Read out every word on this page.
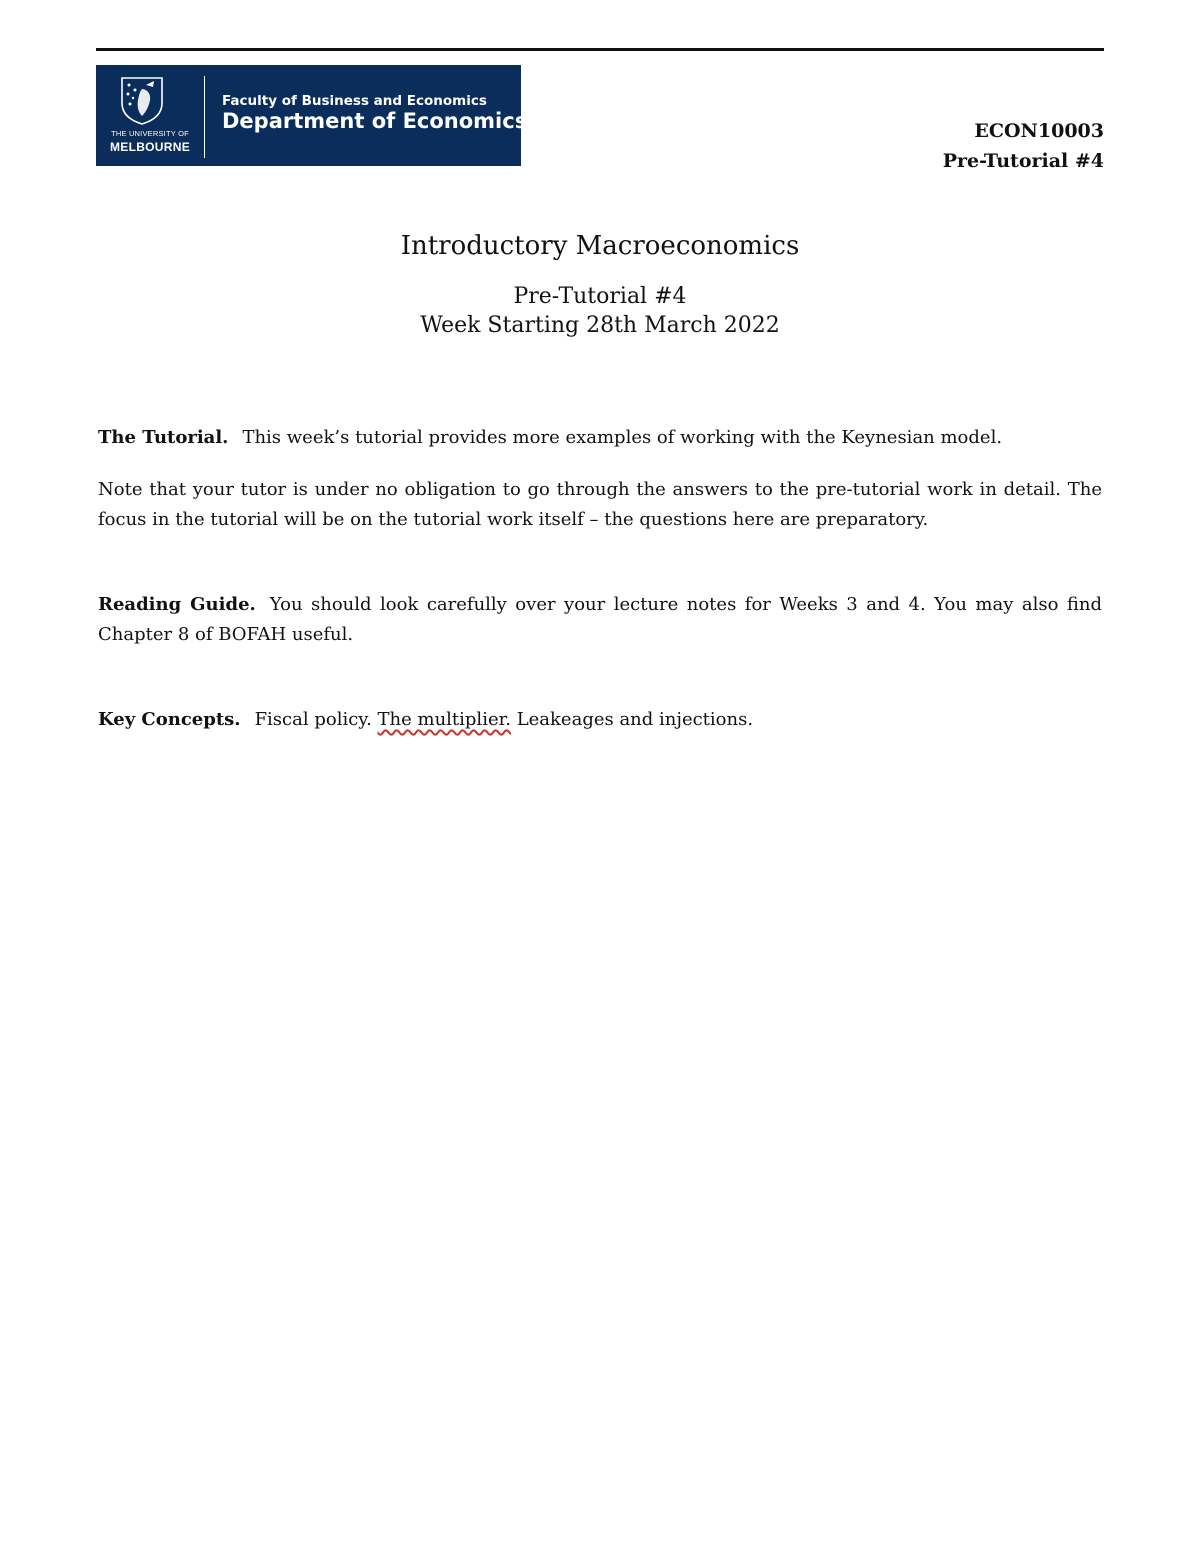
THE UNIVERSITY OF
MELBOURNE
Faculty of Business and Economics
Department of Economics	ECON10003
Pre-Tutorial #4
Introductory Macroeconomics
Pre-Tutorial #4
Week Starting 28th March 2022
The Tutorial. This week’s tutorial provides more examples of working with the Keynesian model.
Note that your tutor is under no obligation to go through the answers to the pre-tutorial work in detail. The focus in the tutorial will be on the tutorial work itself – the questions here are preparatory.
Reading Guide. You should look carefully over your lecture notes for Weeks 3 and 4. You may also find Chapter 8 of BOFAH useful.
Key Concepts. Fiscal policy. The multiplier. Leakeages and injections.
